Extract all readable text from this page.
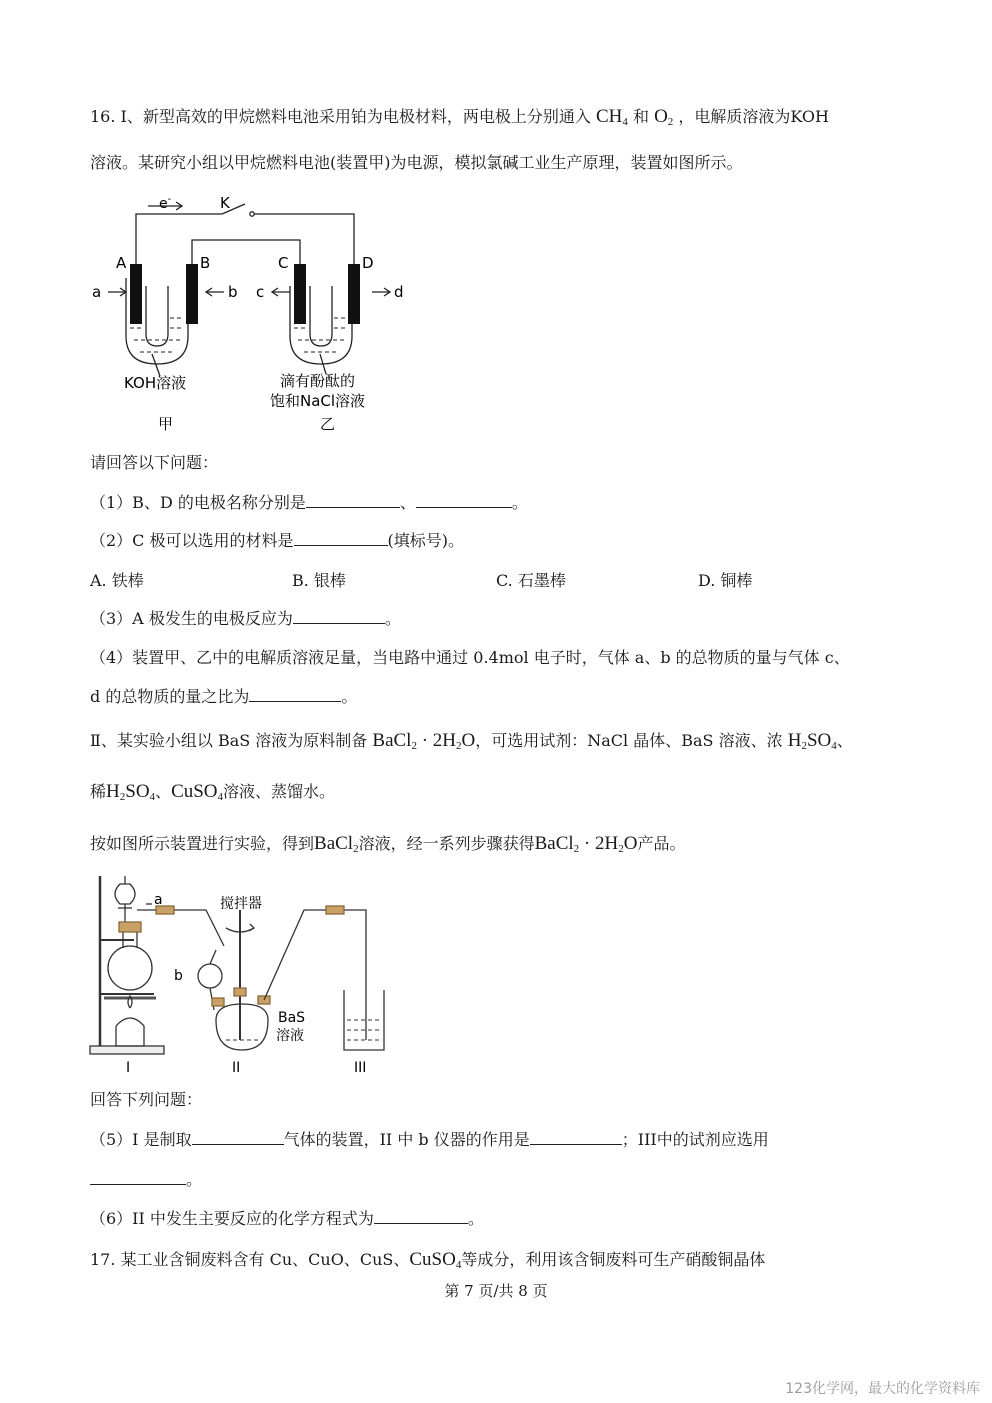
16. I、新型高效的甲烷燃料电池采用铂为电极材料，两电极上分别通入 $CH_4$ 和 $O_2$ ，电解质溶液为KOH
溶液。某研究小组以甲烷燃料电池(装置甲)为电源，模拟氯碱工业生产原理，装置如图所示。
e-	K
A	B	C	D
a	b c	d
KOH溶液	滴有酚酞的
饱和NaCl溶液
甲	乙
请回答以下问题：
（1）B、D 的电极名称分别是	、	。
（2）C 极可以选用的材料是	(填标号)。
A. 铁棒	B. 银棒	C. 石墨棒	D. 铜棒
（3）A 极发生的电极反应为	。
（4）装置甲、乙中的电解质溶液足量，当电路中通过 0.4mol 电子时，气体 a、b 的总物质的量与气体 c、
d 的总物质的量之比为	。
Ⅱ、某实验小组以 BaS 溶液为原料制备 BaCl$_2$ · $2H_2O$，可选用试剂：NaCl 晶体、BaS 溶液、浓 $H_2SO_4$、
稀$H_2SO_4$、CuSO$_4$溶液、蒸馏水。
按如图所示装置进行实验，得到BaCl$_2$溶液，经一系列步骤获得BaCl$_2$ · $2H_2O$产品。
a
b
搅拌器
BaS
溶液
I	II	III
回答下列问题：
（5）I 是制取	气体的装置，II 中 b 仪器的作用是	；III中的试剂应选用
。
（6）II 中发生主要反应的化学方程式为	。
17. 某工业含铜废料含有 Cu、CuO、CuS、CuSO$_4$等成分，利用该含铜废料可生产硝酸铜晶体
第 7 页/共 8 页
123化学网，最大的化学资料库
